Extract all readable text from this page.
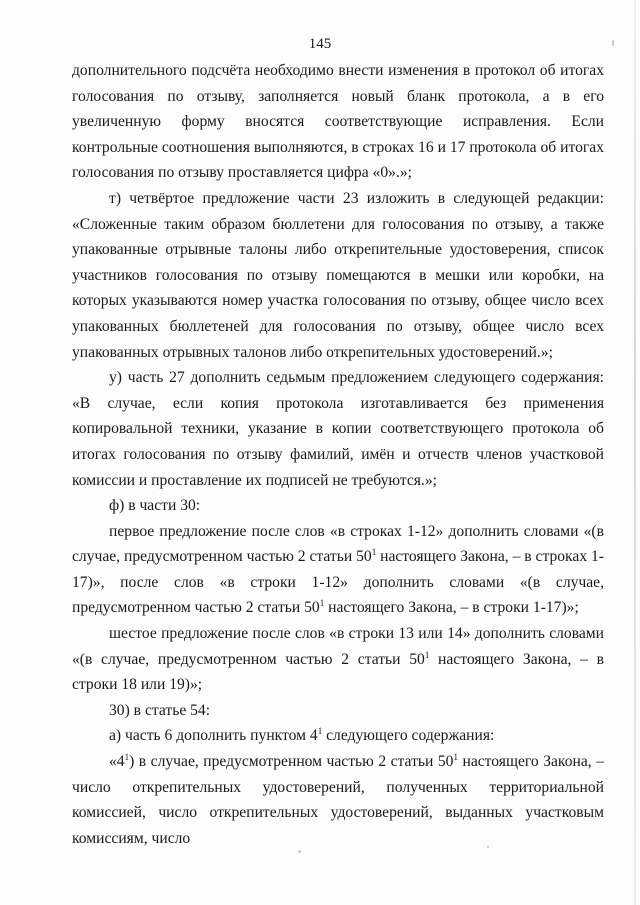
145

дополнительного подсчёта необходимо внести изменения в протокол об итогах голосования по отзыву, заполняется новый бланк протокола, а в его увеличенную форму вносятся соответствующие исправления. Если контрольные соотношения выполняются, в строках 16 и 17 протокола об итогах голосования по отзыву проставляется цифра «0».»;

т) четвёртое предложение части 23 изложить в следующей редакции: «Сложенные таким образом бюллетени для голосования по отзыву, а также упакованные отрывные талоны либо открепительные удостоверения, список участников голосования по отзыву помещаются в мешки или коробки, на которых указываются номер участка голосования по отзыву, общее число всех упакованных бюллетеней для голосования по отзыву, общее число всех упакованных отрывных талонов либо открепительных удостоверений.»;

у) часть 27 дополнить седьмым предложением следующего содержания: «В случае, если копия протокола изготавливается без применения копировальной техники, указание в копии соответствующего протокола об итогах голосования по отзыву фамилий, имён и отчеств членов участковой комиссии и проставление их подписей не требуются.»;

ф) в части 30:

первое предложение после слов «в строках 1-12» дополнить словами «(в случае, предусмотренном частью 2 статьи $50^1$ настоящего Закона, – в строках 1-17)», после слов «в строки 1-12» дополнить словами «(в случае, предусмотренном частью 2 статьи $50^1$ настоящего Закона, – в строки 1-17)»;

шестое предложение после слов «в строки 13 или 14» дополнить словами «(в случае, предусмотренном частью 2 статьи $50^1$ настоящего Закона, – в строки 18 или 19)»;

30) в статье 54:

а) часть 6 дополнить пунктом $4^1$ следующего содержания:

«$4^1$) в случае, предусмотренном частью 2 статьи $50^1$ настоящего Закона, – число открепительных удостоверений, полученных территориальной комиссией, число открепительных удостоверений, выданных участковым комиссиям, число
